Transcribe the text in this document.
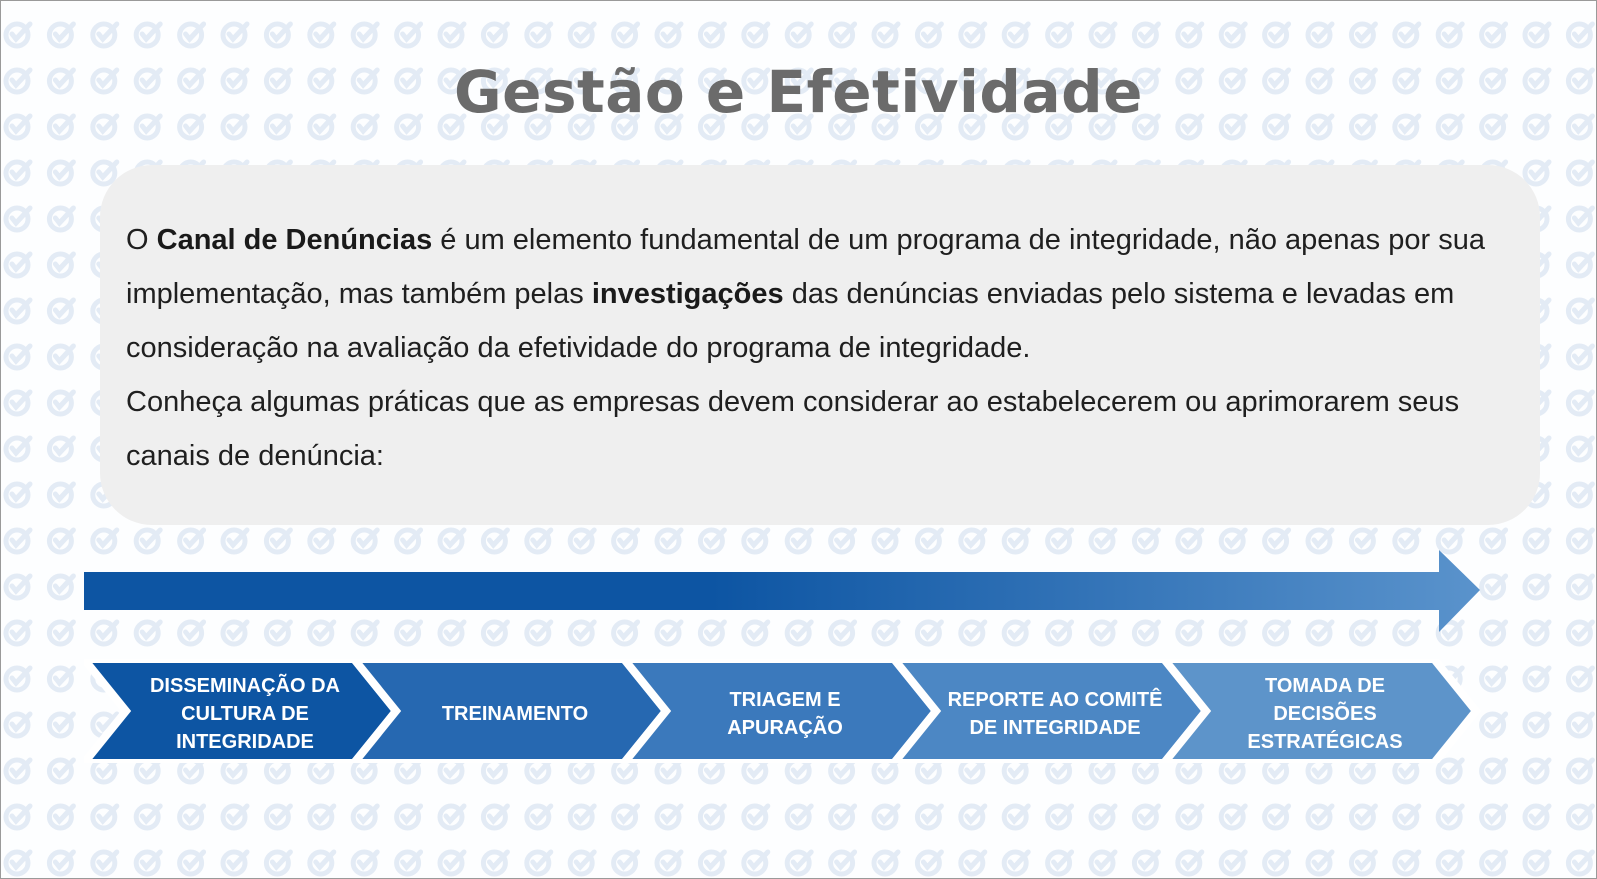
Gestão e Efetividade

O Canal de Denúncias é um elemento fundamental de um programa de integridade, não apenas por sua implementação, mas também pelas investigações das denúncias enviadas pelo sistema e levadas em consideração na avaliação da efetividade do programa de integridade.

Conheça algumas práticas que as empresas devem considerar ao estabelecerem ou aprimorarem seus canais de denúncia:

DISSEMINAÇÃO DA CULTURA DE INTEGRIDADE
TREINAMENTO
TRIAGEM E APURAÇÃO
REPORTE AO COMITÊ DE INTEGRIDADE
TOMADA DE DECISÕES ESTRATÉGICAS
